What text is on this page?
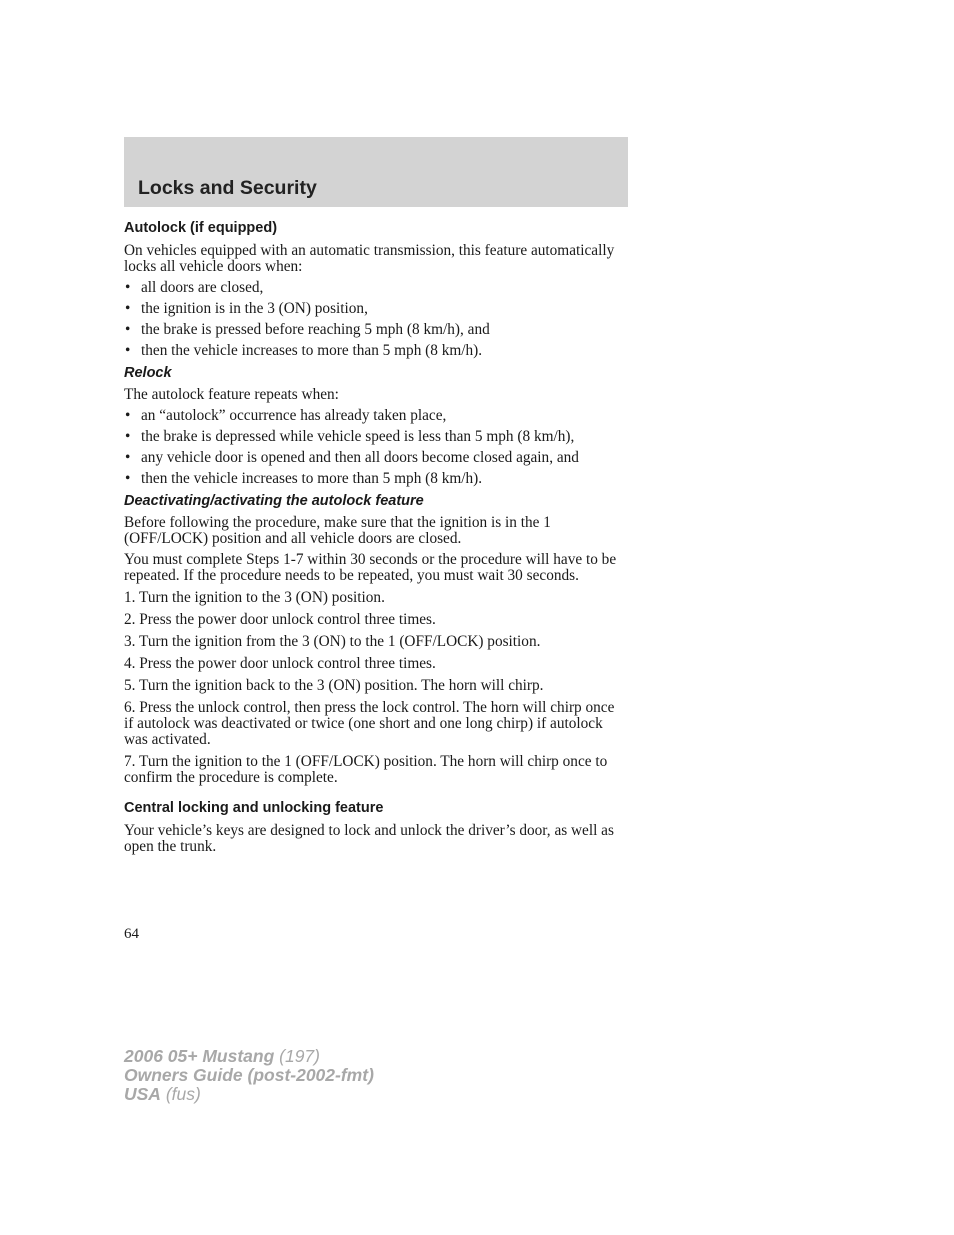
Locks and Security
Autolock (if equipped)

On vehicles equipped with an automatic transmission, this feature automatically locks all vehicle doors when:

• all doors are closed,
• the ignition is in the 3 (ON) position,
• the brake is pressed before reaching 5 mph (8 km/h), and
• then the vehicle increases to more than 5 mph (8 km/h).
Relock

The autolock feature repeats when:

• an “autolock” occurrence has already taken place,
• the brake is depressed while vehicle speed is less than 5 mph (8 km/h),
• any vehicle door is opened and then all doors become closed again, and
• then the vehicle increases to more than 5 mph (8 km/h).
Deactivating/activating the autolock feature

Before following the procedure, make sure that the ignition is in the 1 (OFF/LOCK) position and all vehicle doors are closed.

You must complete Steps 1-7 within 30 seconds or the procedure will have to be repeated. If the procedure needs to be repeated, you must wait 30 seconds.

1. Turn the ignition to the 3 (ON) position.

2. Press the power door unlock control three times.

3. Turn the ignition from the 3 (ON) to the 1 (OFF/LOCK) position.

4. Press the power door unlock control three times.

5. Turn the ignition back to the 3 (ON) position. The horn will chirp.

6. Press the unlock control, then press the lock control. The horn will chirp once if autolock was deactivated or twice (one short and one long chirp) if autolock was activated.

7. Turn the ignition to the 1 (OFF/LOCK) position. The horn will chirp once to confirm the procedure is complete.

Central locking and unlocking feature

Your vehicle’s keys are designed to lock and unlock the driver’s door, as well as open the trunk.

64
2006 05+ Mustang (197)
Owners Guide (post-2002-fmt)
USA (fus)
